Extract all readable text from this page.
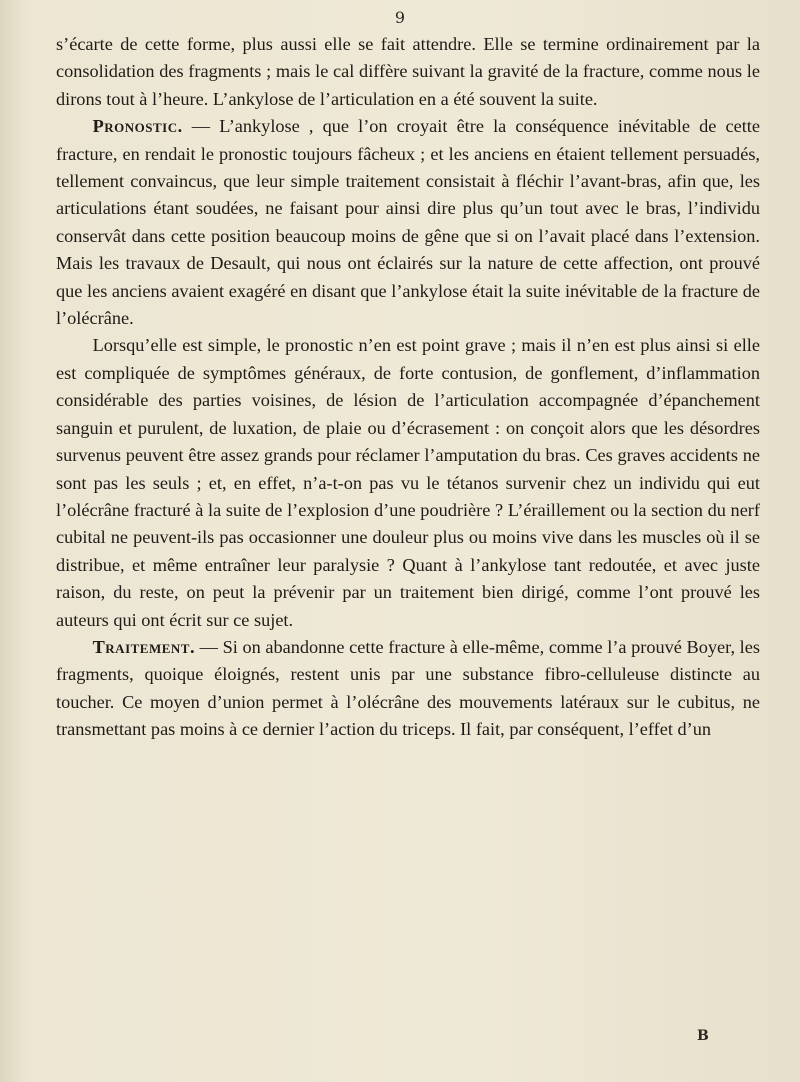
9

s’écarte de cette forme, plus aussi elle se fait attendre. Elle se termine ordinairement par la consolidation des fragments ; mais le cal diffère suivant la gravité de la fracture, comme nous le dirons tout à l’heure. L’ankylose de l’articulation en a été souvent la suite.

Pronostic. — L’ankylose , que l’on croyait être la conséquence inévitable de cette fracture, en rendait le pronostic toujours fâcheux ; et les anciens en étaient tellement persuadés, tellement convaincus, que leur simple traitement consistait à fléchir l’avant-bras, afin que, les articulations étant soudées, ne faisant pour ainsi dire plus qu’un tout avec le bras, l’individu conservât dans cette position beaucoup moins de gêne que si on l’avait placé dans l’extension. Mais les travaux de Desault, qui nous ont éclairés sur la nature de cette affection, ont prouvé que les anciens avaient exagéré en disant que l’ankylose était la suite inévitable de la fracture de l’olécrâne.

Lorsqu’elle est simple, le pronostic n’en est point grave ; mais il n’en est plus ainsi si elle est compliquée de symptômes généraux, de forte contusion, de gonflement, d’inflammation considérable des parties voisines, de lésion de l’articulation accompagnée d’épanchement sanguin et purulent, de luxation, de plaie ou d’écrasement : on conçoit alors que les désordres survenus peuvent être assez grands pour réclamer l’amputation du bras. Ces graves accidents ne sont pas les seuls ; et, en effet, n’a-t-on pas vu le tétanos survenir chez un individu qui eut l’olécrâne fracturé à la suite de l’explosion d’une poudrière ? L’éraillement ou la section du nerf cubital ne peuvent-ils pas occasionner une douleur plus ou moins vive dans les muscles où il se distribue, et même entraîner leur paralysie ? Quant à l’ankylose tant redoutée, et avec juste raison, du reste, on peut la prévenir par un traitement bien dirigé, comme l’ont prouvé les auteurs qui ont écrit sur ce sujet.

Traitement. — Si on abandonne cette fracture à elle-même, comme l’a prouvé Boyer, les fragments, quoique éloignés, restent unis par une substance fibro-celluleuse distincte au toucher. Ce moyen d’union permet à l’olécrâne des mouvements latéraux sur le cubitus, ne transmettant pas moins à ce dernier l’action du triceps. Il fait, par conséquent, l’effet d’un

B
